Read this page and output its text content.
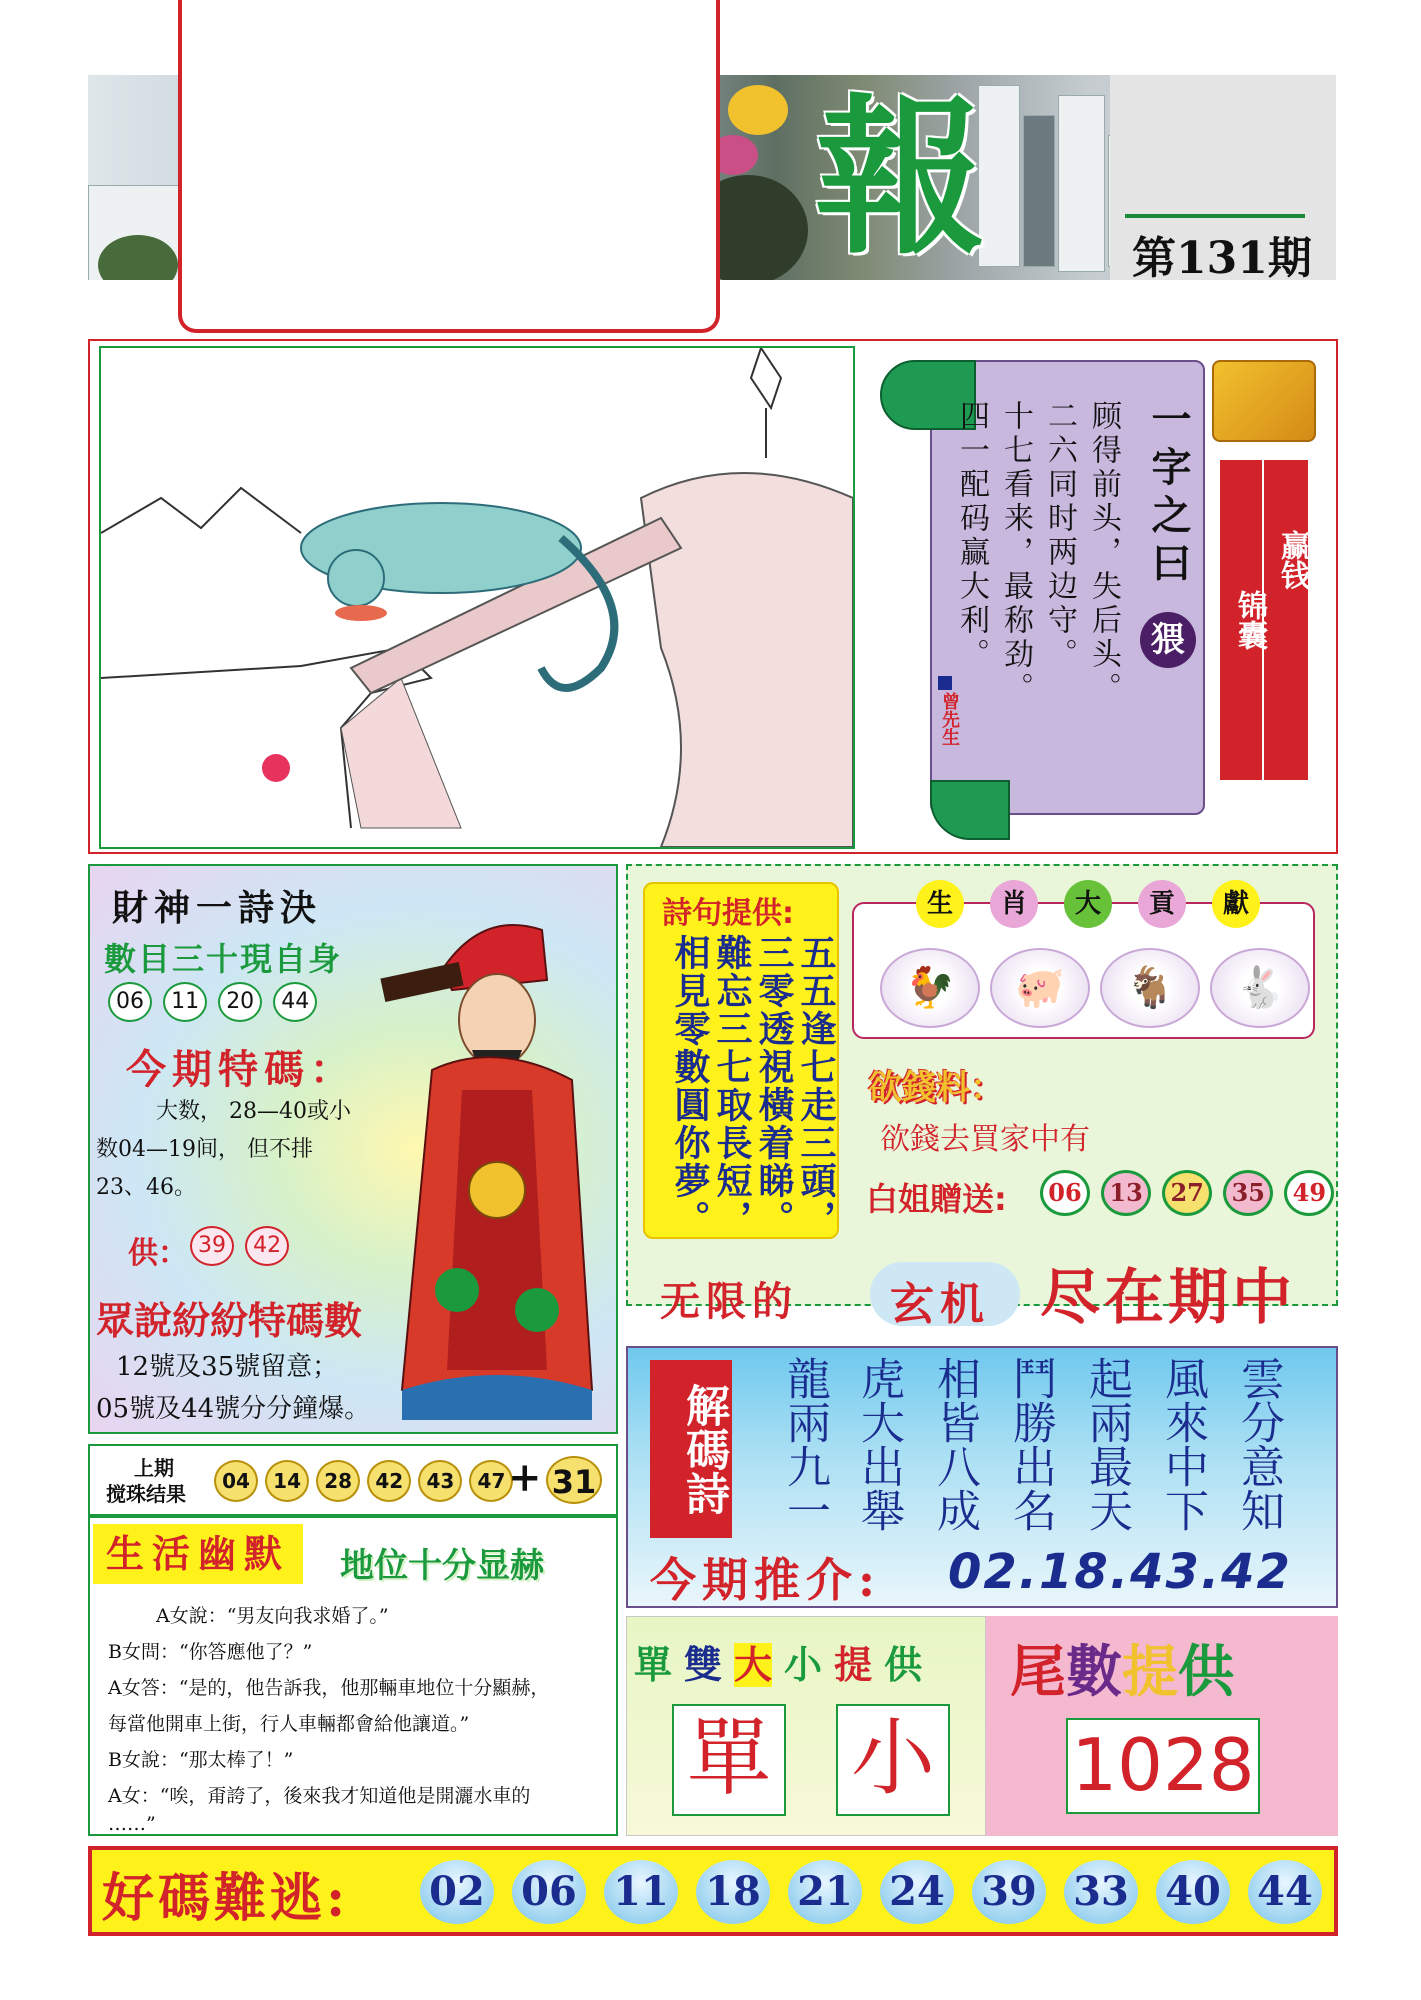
第131期
報
一字之曰
猥
顾得前头，失后头。
二六同时两边守。
十七看来，最称劲。
四一配码赢大利。
曾先生
锦囊
赢钱
財神一詩決
數目三十現自身
06 11 20 44
今期特碼：
大数， 28—40或小
数04—19间， 但不排
23、46。
供： 39 42
眾說紛紛特碼數
12號及35號留意；
05號及44號分分鐘爆。
詩句提供:
五五逢七走三頭，
三零透視橫着睇。
難忘三七取長短，
相見零數圓你夢。
生	肖	大	貢	獻
🐓	🐖	🐐	🐇
欲錢料：
欲錢去買家中有
白姐贈送:	06 13 27 35 49
无限的 玄机 尽在期中
解碼詩 龍兩九一 虎大出舉 相皆八成 鬥勝出名 起兩最天 風來中下 雲分意知
今期推介: 02.18.43.42
上期
搅珠结果
04 14 28 42 43 47 + 31
生活幽默	地位十分显赫
A女說：“男友向我求婚了。”
B女問：“你答應他了？”
A女答：“是的，他告訴我，他那輛車地位十分顯赫，
每當他開車上街，行人車輛都會給他讓道。”
B女說：“那太棒了！”
A女：“唉，甭誇了，後來我才知道他是開灑水車的
……”
單 雙 大 小 提 供
單 小
尾數提供
1028
好碼難逃: 02 06 11 18 21 24 39 33 40 44
